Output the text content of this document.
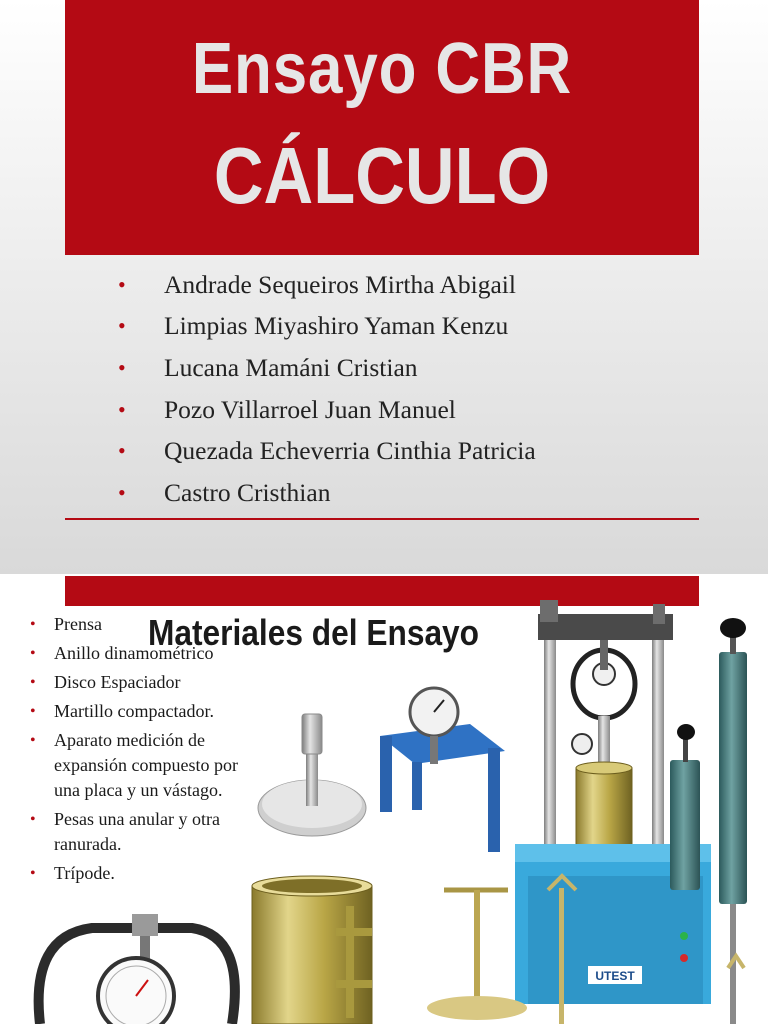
Ensayo CBR
CÁLCULO
•	Andrade Sequeiros Mirtha Abigail
•	Limpias Miyashiro Yaman Kenzu
•	Lucana Mamáni Cristian
•	Pozo Villarroel Juan Manuel
•	Quezada Echeverria Cinthia Patricia
•	Castro Cristhian
UTEST
Materiales del Ensayo
•	Prensa
•	Anillo dinamométrico
•	Disco Espaciador
•	Martillo compactador.
•	Aparato medición de expansión compuesto por una placa y un vástago.
•	Pesas una anular y otra ranurada.
•	Trípode.
